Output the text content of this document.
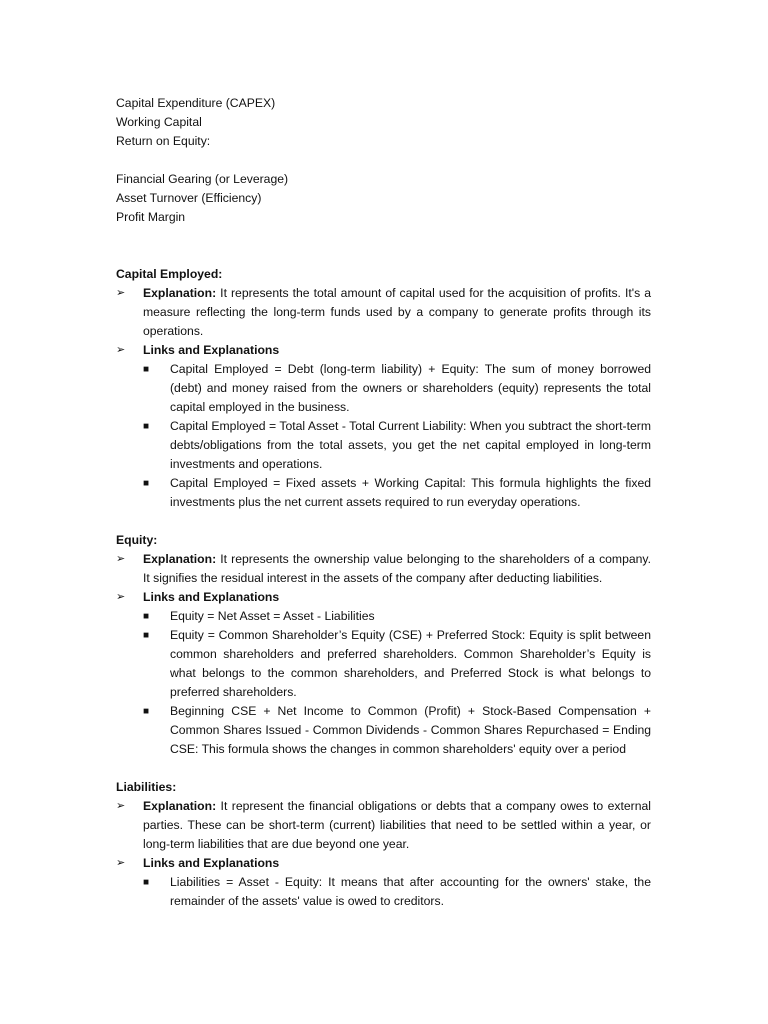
Capital Expenditure (CAPEX)

Working Capital

Return on Equity:

Financial Gearing (or Leverage)

Asset Turnover (Efficiency)

Profit Margin

Capital Employed:

➢ Explanation: It represents the total amount of capital used for the acquisition of profits. It's a measure reflecting the long-term funds used by a company to generate profits through its operations.
➢ Links and Explanations
■ Capital Employed = Debt (long-term liability) + Equity: The sum of money borrowed (debt) and money raised from the owners or shareholders (equity) represents the total capital employed in the business.
■ Capital Employed = Total Asset - Total Current Liability: When you subtract the short-term debts/obligations from the total assets, you get the net capital employed in long-term investments and operations.
■ Capital Employed = Fixed assets + Working Capital: This formula highlights the fixed investments plus the net current assets required to run everyday operations.

Equity:

➢ Explanation: It represents the ownership value belonging to the shareholders of a company. It signifies the residual interest in the assets of the company after deducting liabilities.
➢ Links and Explanations
■ Equity = Net Asset = Asset - Liabilities
■ Equity = Common Shareholder’s Equity (CSE) + Preferred Stock: Equity is split between common shareholders and preferred shareholders. Common Shareholder’s Equity is what belongs to the common shareholders, and Preferred Stock is what belongs to preferred shareholders.
■ Beginning CSE + Net Income to Common (Profit) + Stock-Based Compensation + Common Shares Issued - Common Dividends - Common Shares Repurchased = Ending CSE: This formula shows the changes in common shareholders' equity over a period

Liabilities:

➢ Explanation: It represent the financial obligations or debts that a company owes to external parties. These can be short-term (current) liabilities that need to be settled within a year, or long-term liabilities that are due beyond one year.
➢ Links and Explanations
■ Liabilities = Asset - Equity: It means that after accounting for the owners' stake, the remainder of the assets' value is owed to creditors.
